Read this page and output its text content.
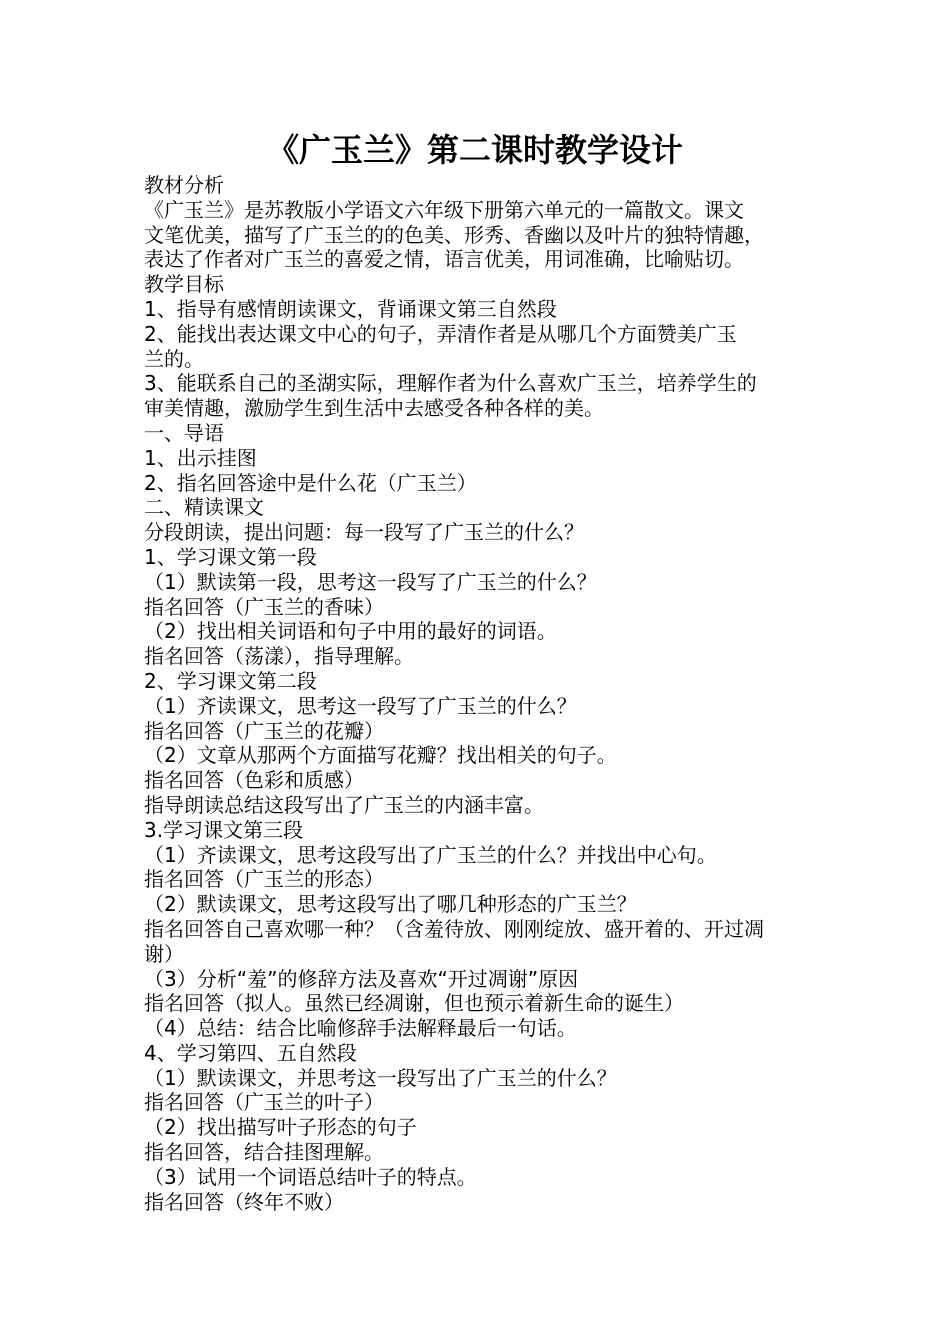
《广玉兰》第二课时教学设计

教材分析

《广玉兰》是苏教版小学语文六年级下册第六单元的一篇散文。课文

文笔优美，描写了广玉兰的的色美、形秀、香幽以及叶片的独特情趣，

表达了作者对广玉兰的喜爱之情，语言优美，用词准确，比喻贴切。

教学目标

1、指导有感情朗读课文，背诵课文第三自然段

2、能找出表达课文中心的句子，弄清作者是从哪几个方面赞美广玉

兰的。

3、能联系自己的圣湖实际，理解作者为什么喜欢广玉兰，培养学生的

审美情趣，激励学生到生活中去感受各种各样的美。

一、导语

1、出示挂图

2、指名回答途中是什么花（广玉兰）

二、精读课文

分段朗读，提出问题：每一段写了广玉兰的什么？

1、学习课文第一段

（1）默读第一段，思考这一段写了广玉兰的什么？

指名回答（广玉兰的香味）

（2）找出相关词语和句子中用的最好的词语。

指名回答（荡漾），指导理解。

2、学习课文第二段

（1）齐读课文，思考这一段写了广玉兰的什么？

指名回答（广玉兰的花瓣）

（2）文章从那两个方面描写花瓣？找出相关的句子。

指名回答（色彩和质感）

指导朗读总结这段写出了广玉兰的内涵丰富。

3.学习课文第三段

（1）齐读课文，思考这段写出了广玉兰的什么？并找出中心句。

指名回答（广玉兰的形态）

（2）默读课文，思考这段写出了哪几种形态的广玉兰？

指名回答自己喜欢哪一种？（含羞待放、刚刚绽放、盛开着的、开过凋

谢）

（3）分析“羞”的修辞方法及喜欢“开过凋谢”原因

指名回答（拟人。虽然已经凋谢，但也预示着新生命的诞生）

（4）总结：结合比喻修辞手法解释最后一句话。

4、学习第四、五自然段

（1）默读课文，并思考这一段写出了广玉兰的什么？

指名回答（广玉兰的叶子）

（2）找出描写叶子形态的句子

指名回答，结合挂图理解。

（3）试用一个词语总结叶子的特点。

指名回答（终年不败）
